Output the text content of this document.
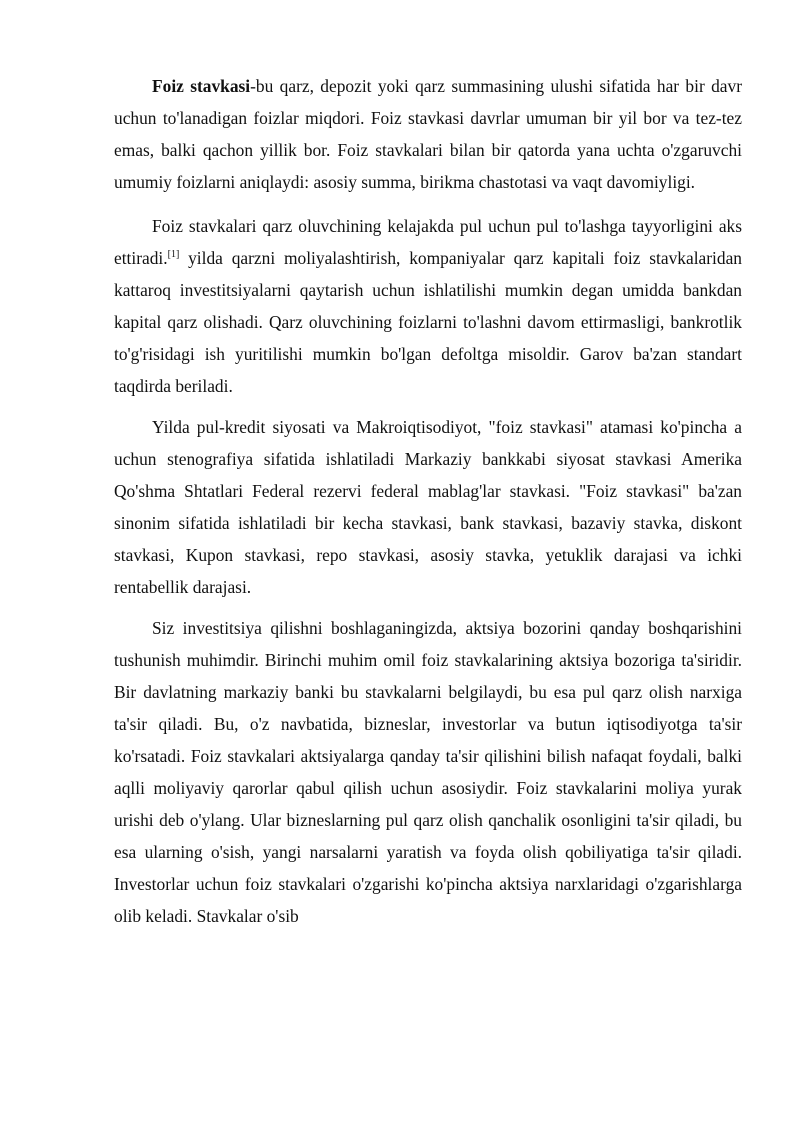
Foiz stavkasi-bu qarz, depozit yoki qarz summasining ulushi sifatida har bir davr uchun to'lanadigan foizlar miqdori. Foiz stavkasi davrlar umuman bir yil bor va tez-tez emas, balki qachon yillik bor. Foiz stavkalari bilan bir qatorda yana uchta o'zgaruvchi umumiy foizlarni aniqlaydi: asosiy summa, birikma chastotasi va vaqt davomiyligi.

Foiz stavkalari qarz oluvchining kelajakda pul uchun pul to'lashga tayyorligini aks ettiradi.[1] yilda qarzni moliyalashtirish, kompaniyalar qarz kapitali foiz stavkalaridan kattaroq investitsiyalarni qaytarish uchun ishlatilishi mumkin degan umidda bankdan kapital qarz olishadi. Qarz oluvchining foizlarni to'lashni davom ettirmasligi, bankrotlik to'g'risidagi ish yuritilishi mumkin bo'lgan defoltga misoldir. Garov ba'zan standart taqdirda beriladi.

Yilda pul-kredit siyosati va Makroiqtisodiyot, "foiz stavkasi" atamasi ko'pincha a uchun stenografiya sifatida ishlatiladi Markaziy bankkabi siyosat stavkasi Amerika Qo'shma Shtatlari Federal rezervi federal mablag'lar stavkasi. "Foiz stavkasi" ba'zan sinonim sifatida ishlatiladi bir kecha stavkasi, bank stavkasi, bazaviy stavka, diskont stavkasi, Kupon stavkasi, repo stavkasi, asosiy stavka, yetuklik darajasi va ichki rentabellik darajasi.

Siz investitsiya qilishni boshlaganingizda, aktsiya bozorini qanday boshqarishini tushunish muhimdir. Birinchi muhim omil foiz stavkalarining aktsiya bozoriga ta'siridir. Bir davlatning markaziy banki bu stavkalarni belgilaydi, bu esa pul qarz olish narxiga ta'sir qiladi. Bu, o'z navbatida, bizneslar, investorlar va butun iqtisodiyotga ta'sir ko'rsatadi. Foiz stavkalari aktsiyalarga qanday ta'sir qilishini bilish nafaqat foydali, balki aqlli moliyaviy qarorlar qabul qilish uchun asosiydir. Foiz stavkalarini moliya yurak urishi deb o'ylang. Ular bizneslarning pul qarz olish qanchalik osonligini ta'sir qiladi, bu esa ularning o'sish, yangi narsalarni yaratish va foyda olish qobiliyatiga ta'sir qiladi. Investorlar uchun foiz stavkalari o'zgarishi ko'pincha aktsiya narxlaridagi o'zgarishlarga olib keladi. Stavkalar o'sib
